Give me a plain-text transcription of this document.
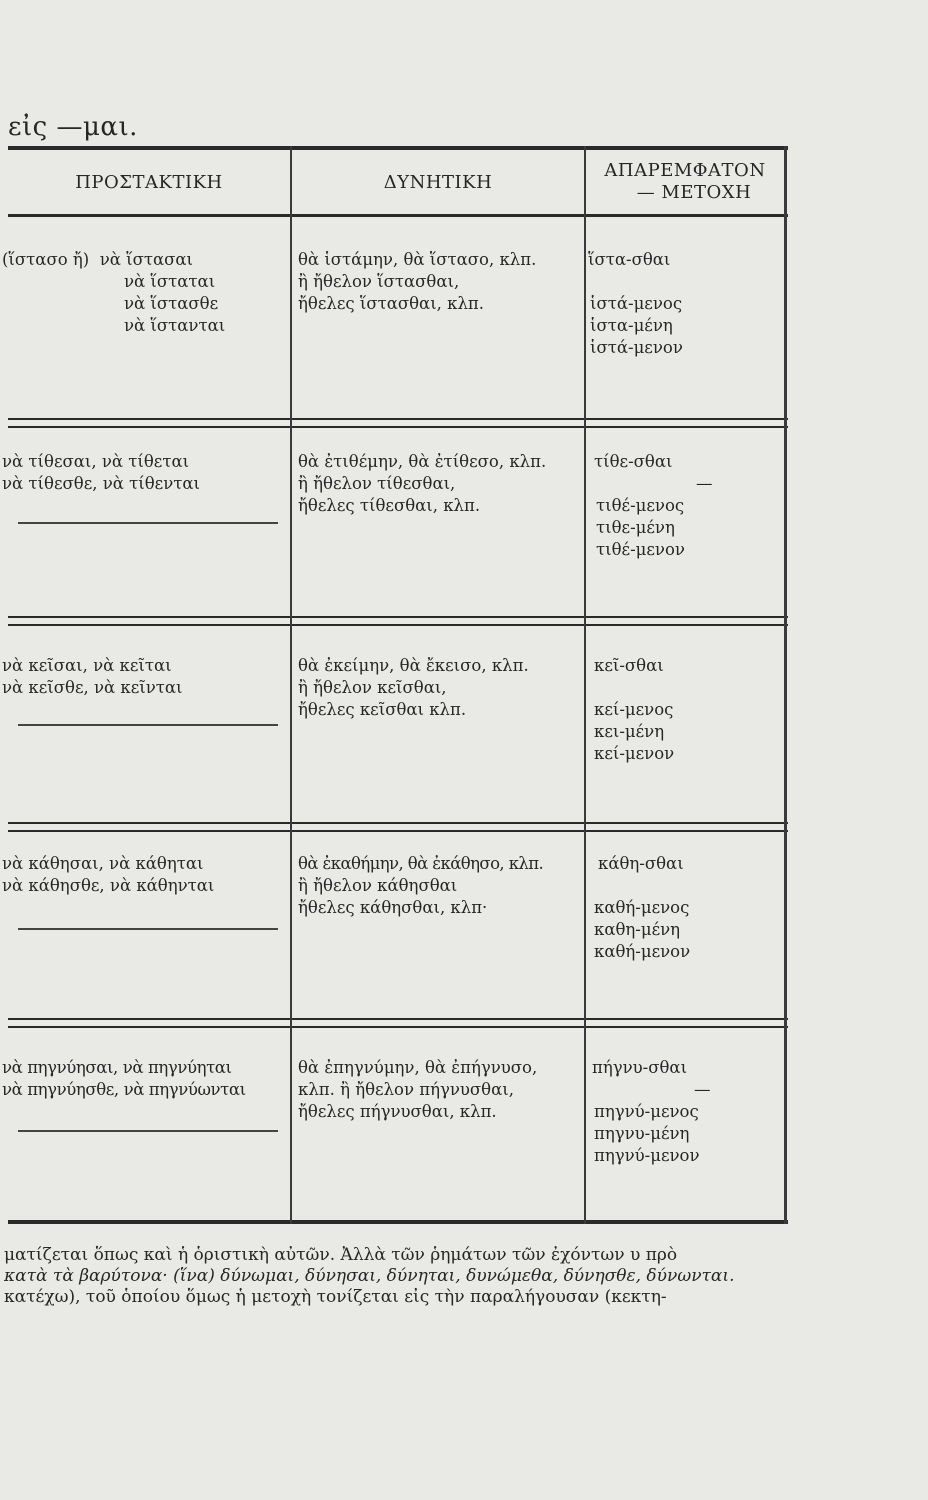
εἰς —μαι.
ΠΡΟΣΤΑΚΤΙΚΗ	ΔΥΝΗΤΙΚΗ
ΑΠΑΡΕΜΦΑΤΟΝ
— ΜΕΤΟΧΗ
(ἵστασο ἤ)  νὰ ἵστασαι
νὰ ἵσταται
νὰ ἵστασθε
νὰ ἵστανται
θὰ ἱστάμην, θὰ ἵστασο, κλπ.
ἢ ἤθελον ἵστασθαι,
ἤθελες ἵστασθαι, κλπ.
ἵστα-σθαι
ἱστά-μενος
ἱστα-μένη
ἱστά-μενον
νὰ τίθεσαι, νὰ τίθεται
νὰ τίθεσθε, νὰ τίθενται
θὰ ἐτιθέμην, θὰ ἐτίθεσο, κλπ.
ἢ ἤθελον τίθεσθαι,
ἤθελες τίθεσθαι, κλπ.
τίθε-σθαι
—
τιθέ-μενος
τιθε-μένη
τιθέ-μενον
νὰ κεῖσαι, νὰ κεῖται
νὰ κεῖσθε, νὰ κεῖνται
θὰ ἐκείμην, θὰ ἔκεισο, κλπ.
ἢ ἤθελον κεῖσθαι,
ἤθελες κεῖσθαι κλπ.
κεῖ-σθαι
κεί-μενος
κει-μένη
κεί-μενον
νὰ κάθησαι, νὰ κάθηται
νὰ κάθησθε, νὰ κάθηνται
θὰ ἐκαθήμην, θὰ ἐκάθησο, κλπ.
ἢ ἤθελον κάθησθαι
ἤθελες κάθησθαι, κλπ·
κάθη-σθαι
καθή-μενος
καθη-μένη
καθή-μενον
νὰ πηγνύησαι, νὰ πηγνύηται
νὰ πηγνύησθε, νὰ πηγνύωνται
θὰ ἐπηγνύμην, θὰ ἐπήγνυσο,
κλπ. ἢ ἤθελον πήγνυσθαι,
ἤθελες πήγνυσθαι, κλπ.
πήγνυ-σθαι
—
πηγνύ-μενος
πηγνυ-μένη
πηγνύ-μενον
ματίζεται ὅπως καὶ ἡ ὁριστικὴ αὐτῶν. Ἀλλὰ τῶν ῥημάτων τῶν ἐχόντων υ πρὸ
κατὰ τὰ βαρύτονα· (ἵνα) δύνωμαι, δύνησαι, δύνηται, δυνώμεθα, δύνησθε, δύνωνται.
κατέχω), τοῦ ὁποίου ὅμως ἡ μετοχὴ τονίζεται εἰς τὴν παραλήγουσαν (κεκτη-
